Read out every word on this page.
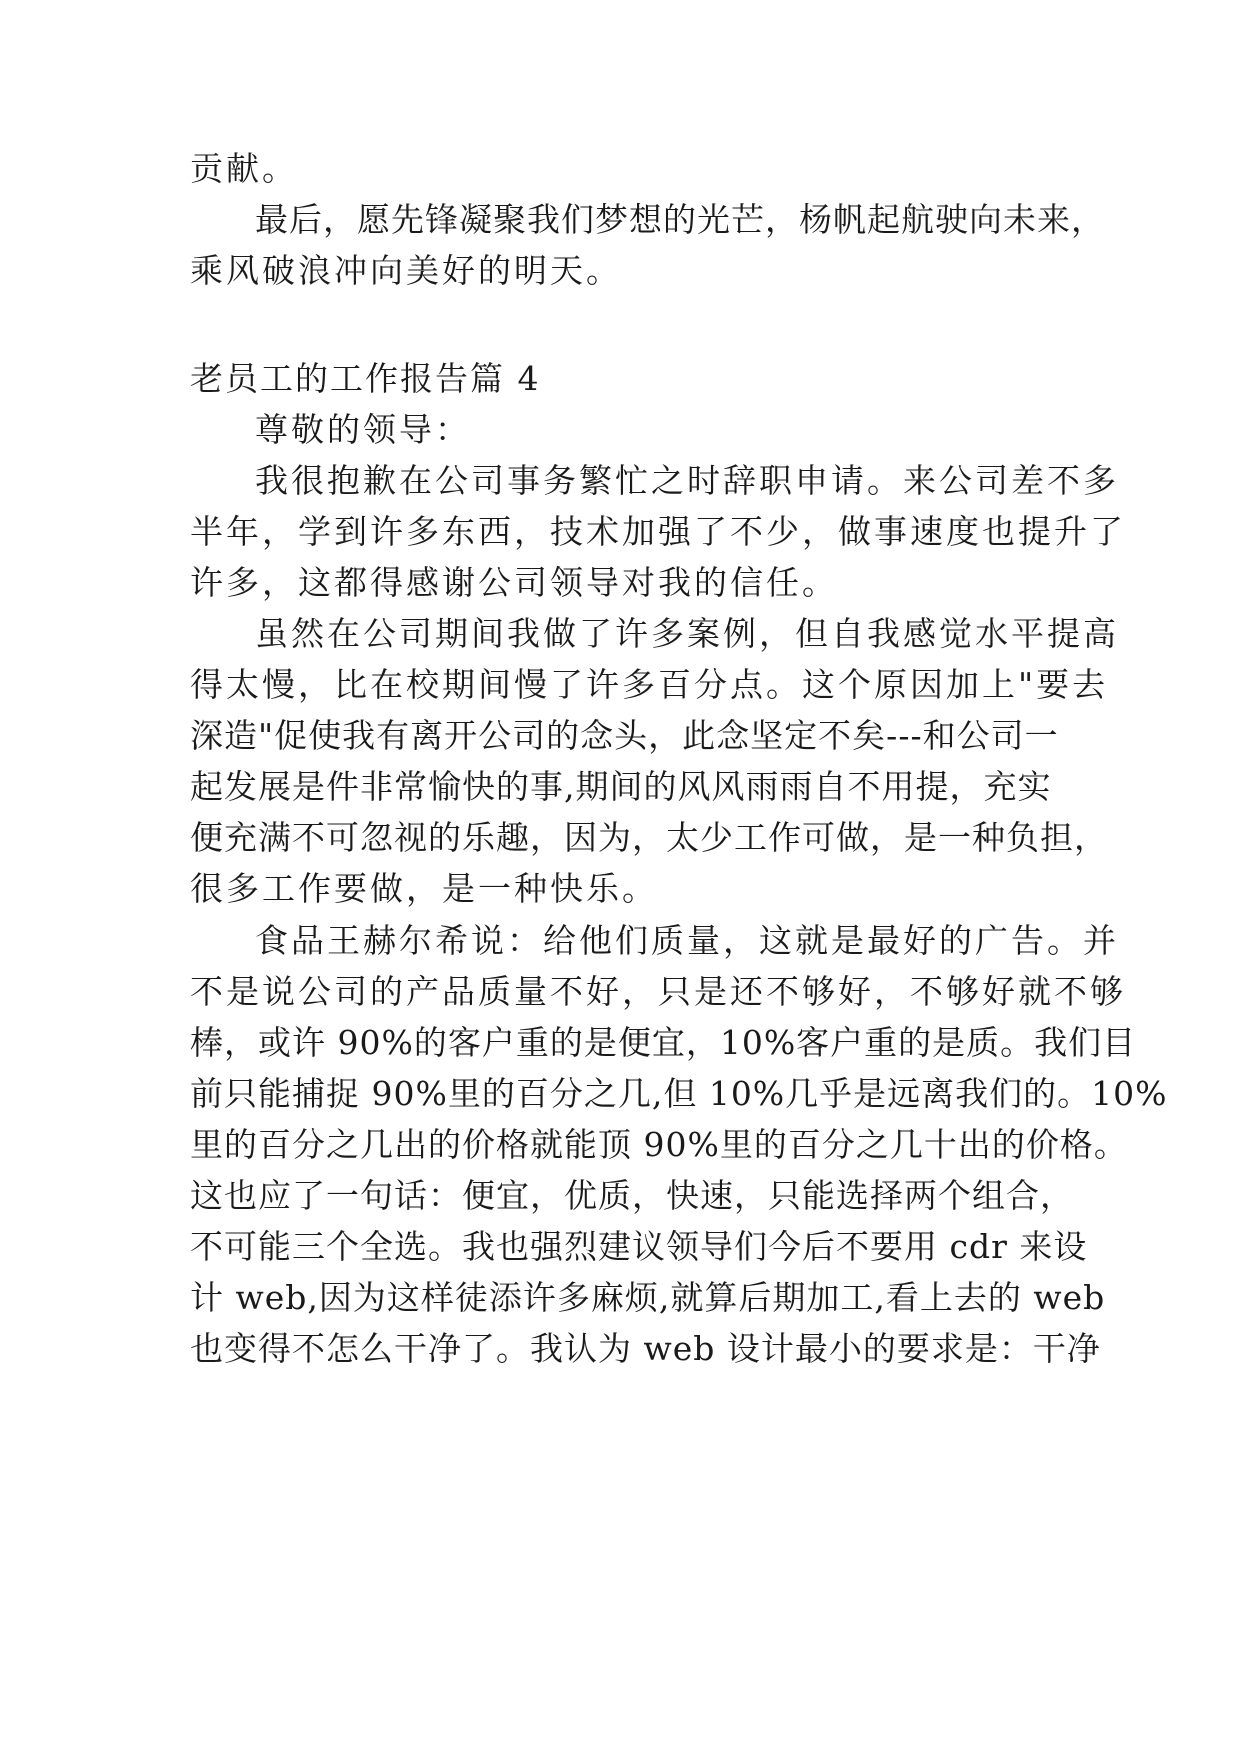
贡献。
最后，愿先锋凝聚我们梦想的光芒，杨帆起航驶向未来，
乘风破浪冲向美好的明天。
老员工的工作报告篇 4
尊敬的领导：
我很抱歉在公司事务繁忙之时辞职申请。来公司差不多
半年，学到许多东西，技术加强了不少，做事速度也提升了
许多，这都得感谢公司领导对我的信任。
虽然在公司期间我做了许多案例，但自我感觉水平提高
得太慢，比在校期间慢了许多百分点。这个原因加上"要去
深造"促使我有离开公司的念头，此念坚定不矣---和公司一
起发展是件非常愉快的事,期间的风风雨雨自不用提，充实
便充满不可忽视的乐趣，因为，太少工作可做，是一种负担，
很多工作要做，是一种快乐。
食品王赫尔希说：给他们质量，这就是最好的广告。并
不是说公司的产品质量不好，只是还不够好，不够好就不够
棒，或许 90%的客户重的是便宜，10%客户重的是质。我们目
前只能捕捉 90%里的百分之几,但 10%几乎是远离我们的。10%
里的百分之几出的价格就能顶 90%里的百分之几十出的价格。
这也应了一句话：便宜，优质，快速，只能选择两个组合，
不可能三个全选。我也强烈建议领导们今后不要用 cdr 来设
计 web,因为这样徒添许多麻烦,就算后期加工,看上去的 web
也变得不怎么干净了。我认为 web 设计最小的要求是：干净
